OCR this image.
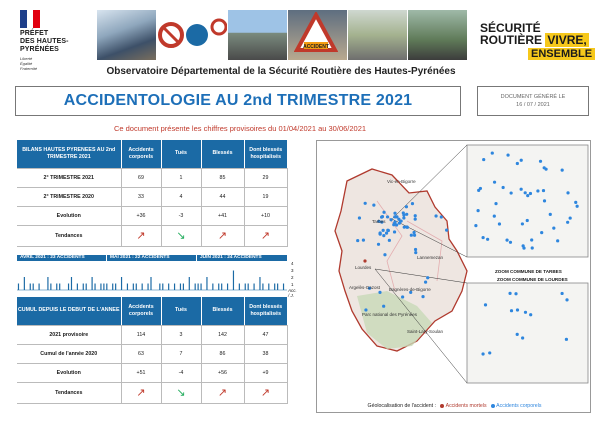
PRÉFET
DES HAUTES-
PYRÉNÉES
Liberté
Égalité
Fraternité
ACCIDENT
SÉCURITÉ
ROUTIÈRE VIVRE,
ENSEMBLE
Observatoire Départemental de la Sécurité Routière des Hautes-Pyrénées
ACCIDENTOLOGIE AU 2nd TRIMESTRE 2021	DOCUMENT GÉNÉRÉ LE
16 / 07 / 2021
Ce document présente les chiffres provisoires du 01/04/2021 au 30/06/2021
BILANS HAUTES PYRENEES AU 2nd TRIMESTRE 2021	Accidents corporels	Tués	Blessés	Dont blessés hospitalisés
2° TRIMESTRE 2021	69	1	85	29
2° TRIMESTRE 2020	33	4	44	19
Evolution	+36	-3	+41	+10
Tendances	↗	↘	↗	↗
AVRIL 2021 : 23 ACCIDENTS	MAI 2021 : 22 ACCIDENTS	JUIN 2021 : 24 ACCIDENTS
4
3
2
1
Acc. / J.
CUMUL DEPUIS LE DEBUT DE L'ANNEE	Accidents corporels	Tués	Blessés	Dont blessés hospitalisés
2021 provisoire	114	3	142	47
Cumul de l'année 2020	63	7	86	38
Evolution	+51	-4	+56	+9
Tendances	↗	↘	↗	↗
Tarbes
Lourdes
Lannemezan
Argelès-Gazost
Parc national des Pyrénées
Saint-Lary-Soulan
Bagnères-de-Bigorre
Vic-en-Bigorre
ZOOM COMMUNE DE TARBES
ZOOM COMMUNE DE LOURDES
Géolocalisation de l'accident : Accidents mortels Accidents corporels
